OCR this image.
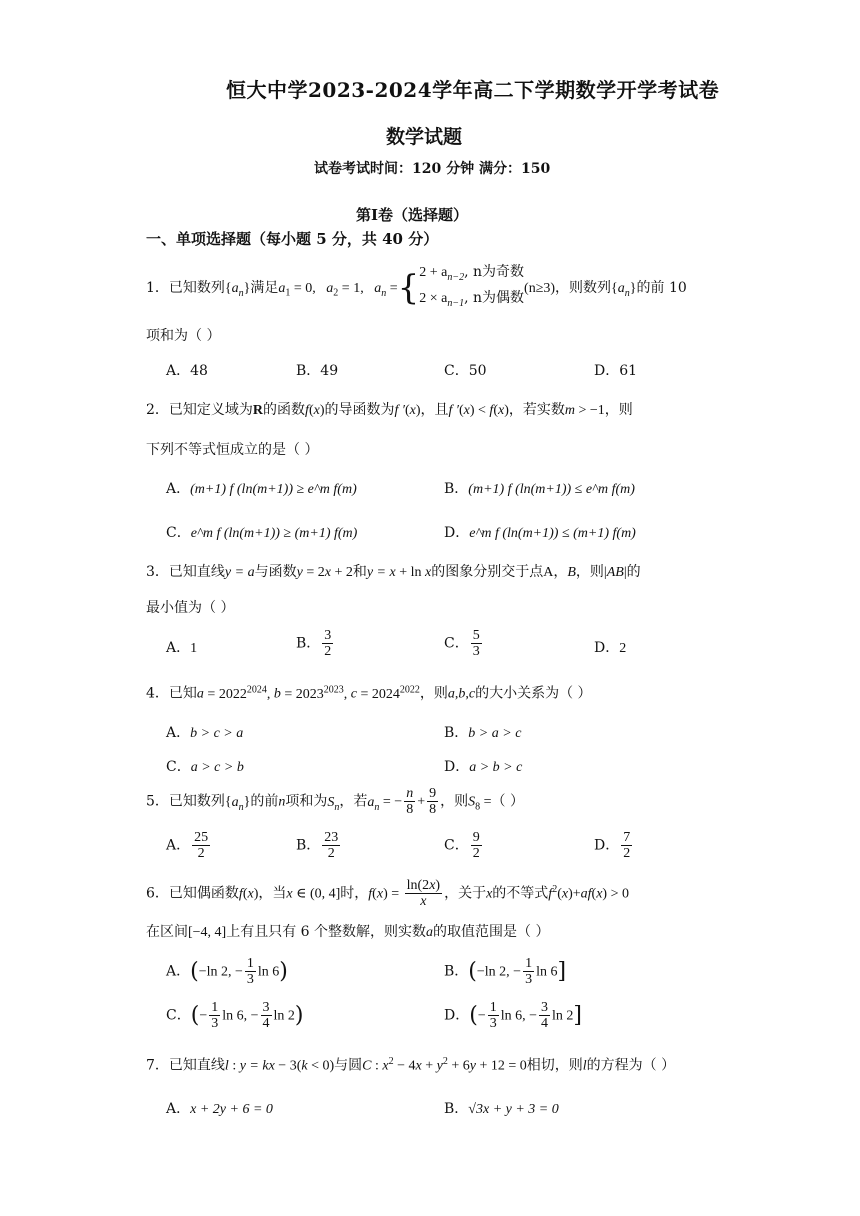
恒大中学2023-2024学年高二下学期数学开学考试卷
数学试题
试卷考试时间：120 分钟 满分：150
第Ⅰ卷（选择题）
一、单项选择题（每小题 5 分，共 40 分）
1．已知数列$\{a_n\}$满足$a_1 = 0$,   $a_2 = 1$,   $a_n$ ={ $2 + a_{n-2}$, n为奇数
$2 \times a_{n-1}$, n为偶数
(n≥3)，则数列$\{a_n\}$的前 10
项和为（ ）
A．48	B．49	C．50	D．61
2．已知定义域为R的函数f(x)的导函数为f ′(x)，且f ′(x) < f(x)，若实数m > −1，则
下列不等式恒成立的是（ ）
A．(m+1) f (ln(m+1)) ≥ e^m f(m)	B．(m+1) f (ln(m+1)) ≤ e^m f(m)
C．e^m f (ln(m+1)) ≥ (m+1) f(m)	D．e^m f (ln(m+1)) ≤ (m+1) f(m)
3．已知直线y = a与函数y = 2x + 2和y = x + ln x的图象分别交于点A，B，则|AB|的
最小值为（ ）
A．1	B． $\frac{3}{2}$	C． $\frac{5}{3}$	D．2
4．已知$a = 2022^{2024}$, $b = 2023^{2023}$, $c = 2024^{2022}$，则a,b,c的大小关系为（ ）
A．b > c > a	B．b > a > c
C．a > c > b	D．a > b > c
5．已知数列$\{a_n\}$的前n项和为$S_n$，若$a_n$ = − $\frac{n}{8} + \frac{9}{8}$ ，则$S_8$ =（ ）
A． $\frac{25}{2}$	B． $\frac{23}{2}$	C． $\frac{9}{2}$	D． $\frac{7}{2}$
6．已知偶函数f(x)，当x ∈ (0, 4]时，$f(x) = \frac{\ln(2x)}{x}$ ，关于x的不等式$f^2(x)+af(x) > 0$
在区间[−4, 4]上有且只有 6 个整数解，则实数a的取值范围是（ ）
A．(−ln 2, − $\frac{1}{3}$ ln 6)	B．(−ln 2, − $\frac{1}{3}$ ln 6]
C．(− $\frac{1}{3}$ ln 6, − $\frac{3}{4}$ ln 2)	D．(− $\frac{1}{3}$ ln 6, − $\frac{3}{4}$ ln 2]
7．已知直线l : y = kx − 3(k < 0)与圆C : $x^2 - 4x + y^2 + 6y + 12 = 0$相切，则l的方程为（ ）
A．x + 2y + 6 = 0	B．√3x + y + 3 = 0
